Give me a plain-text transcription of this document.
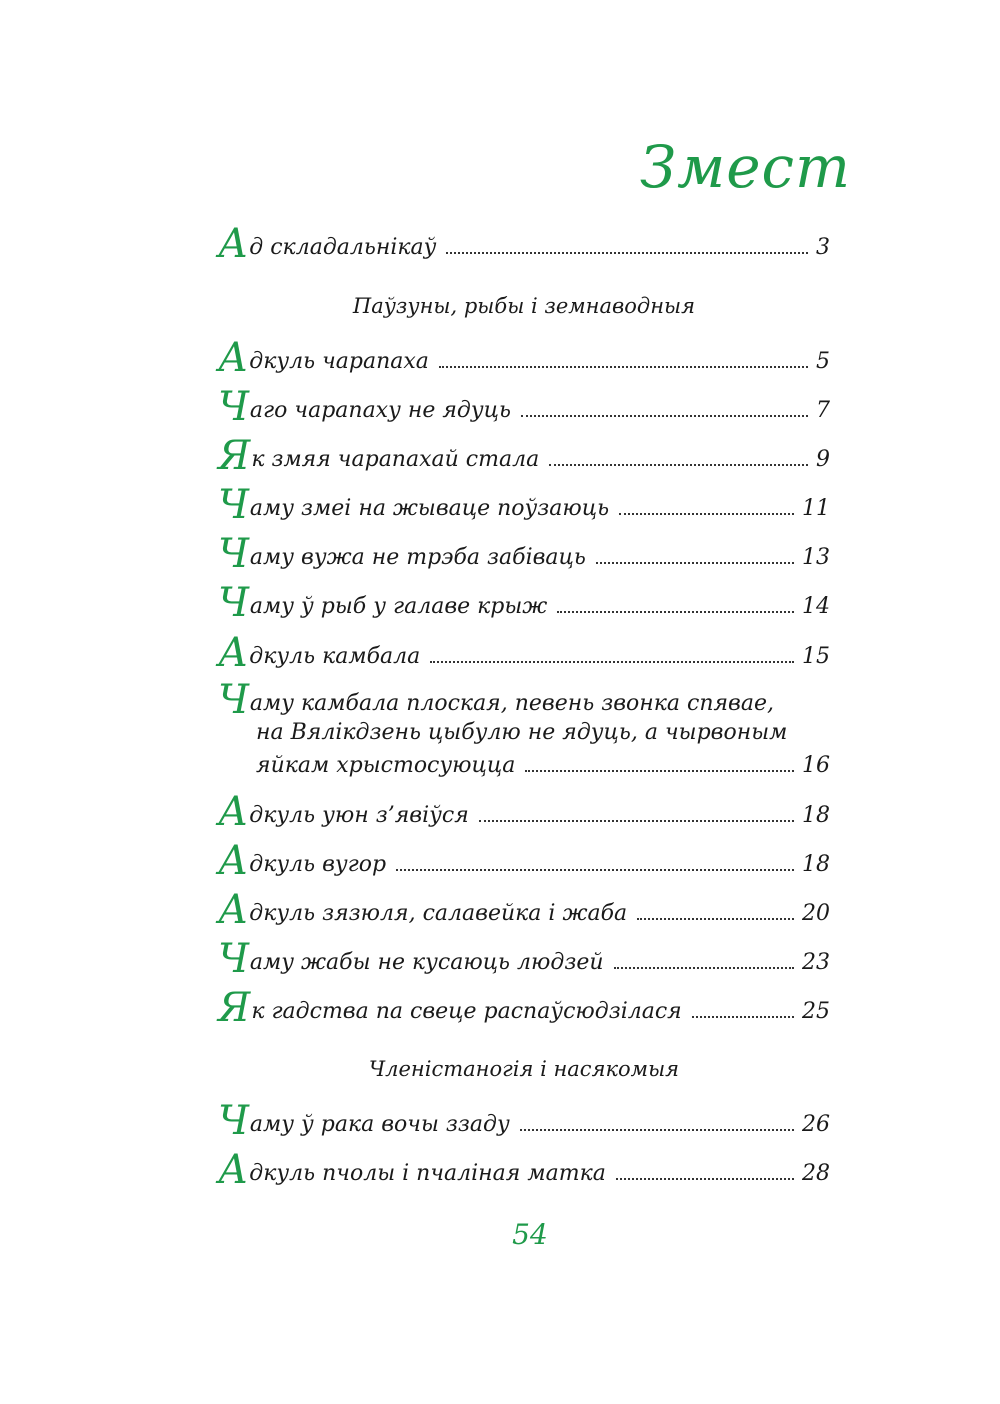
Змест
А д складальнікаў	3
Паўзуны, рыбы і земнаводныя
А дкуль чарапаха	5
Ч аго чарапаху не ядуць	7
Я к змяя чарапахай стала	9
Ч аму змеі на жываце поўзаюць	11
Ч аму вужа не трэба забіваць	13
Ч аму ў рыб у галаве крыж	14
А дкуль камбала	15
Ч аму камбала плоская, певень звонка спявае,
на Вялікдзень цыбулю не ядуць, а чырвоным
яйкам хрыстосуюцца	16
А дкуль уюн з’явіўся	18
А дкуль вугор	18
А дкуль зязюля, салавейка і жаба	20
Ч аму жабы не кусаюць людзей	23
Я к гадства па свеце распаўсюдзілася	25
Членістаногія і насякомыя
Ч аму ў рака вочы ззаду	26
А дкуль пчолы і пчаліная матка	28
54
